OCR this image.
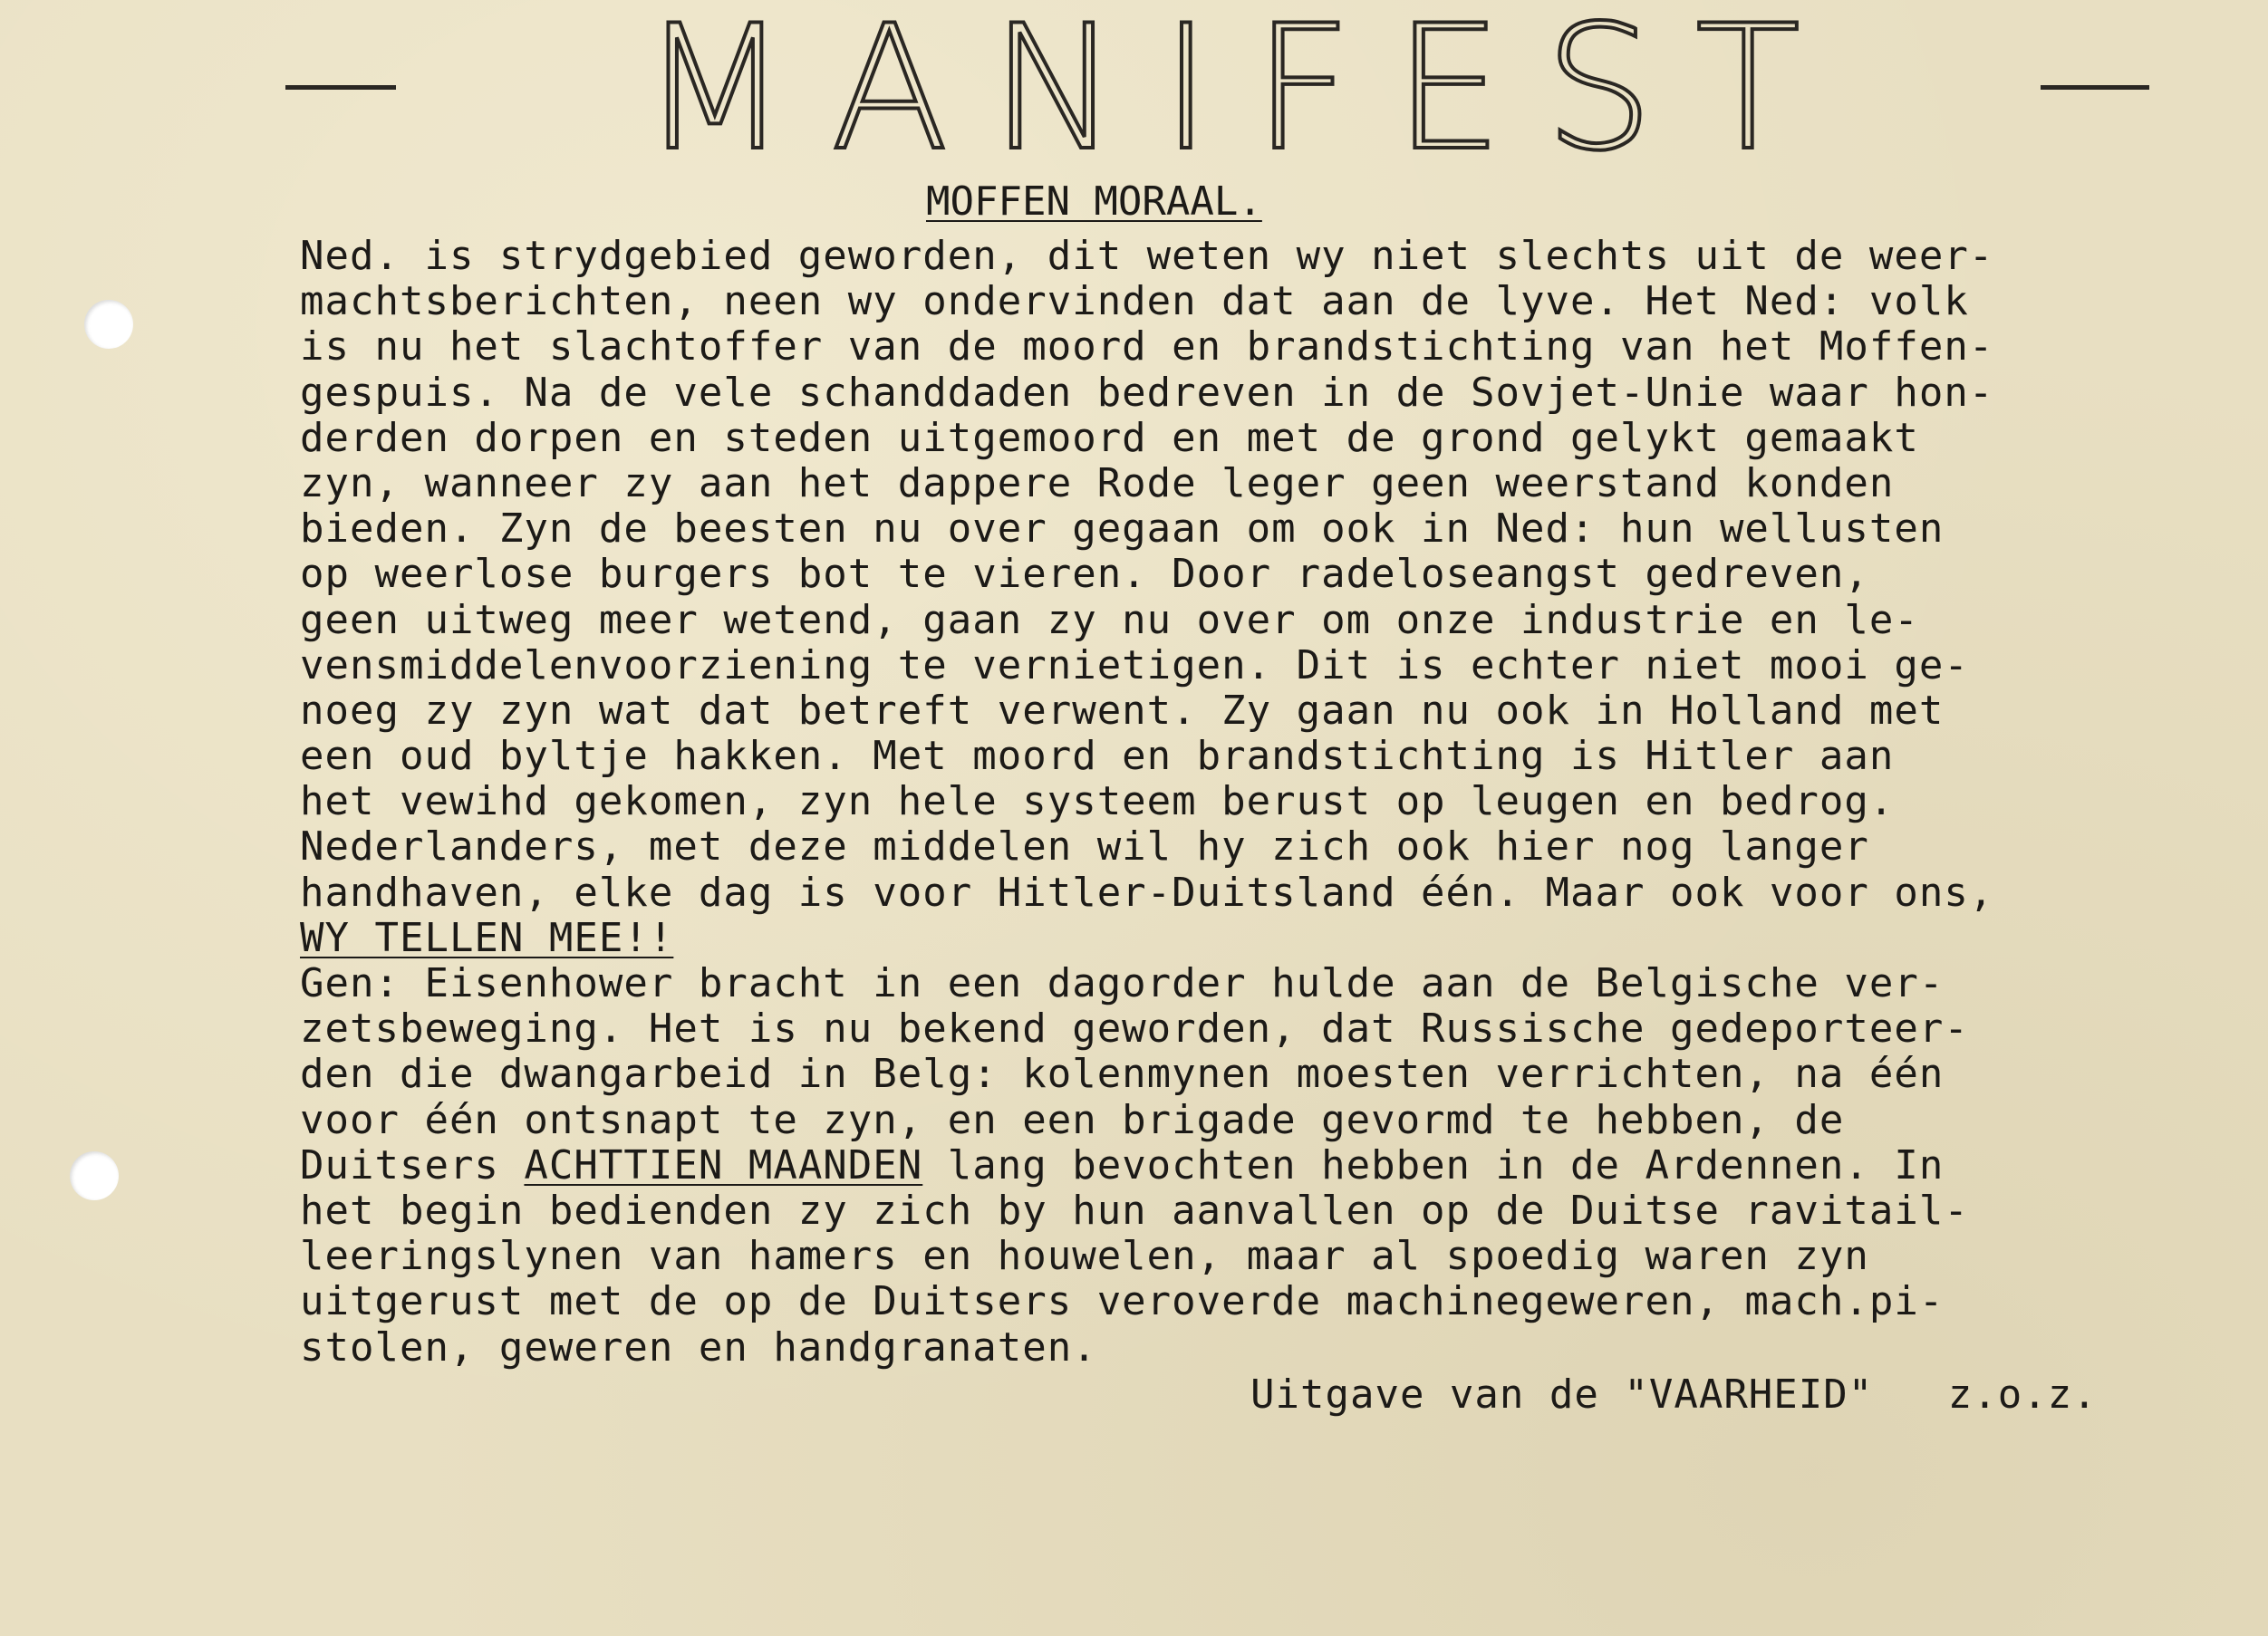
MANIFEST
MOFFEN MORAAL.
Ned. is strydgebied geworden, dit weten wy niet slechts uit de weer-
machtsberichten, neen wy ondervinden dat aan de lyve. Het Ned: volk
is nu het slachtoffer van de moord en brandstichting van het Moffen-
gespuis. Na de vele schanddaden bedreven in de Sovjet-Unie waar hon-
derden dorpen en steden uitgemoord en met de grond gelykt gemaakt
zyn, wanneer zy aan het dappere Rode leger geen weerstand konden
bieden. Zyn de beesten nu over gegaan om ook in Ned: hun wellusten
op weerlose burgers bot te vieren. Door radeloseangst gedreven,
geen uitweg meer wetend, gaan zy nu over om onze industrie en le-
vensmiddelenvoorziening te vernietigen. Dit is echter niet mooi ge-
noeg zy zyn wat dat betreft verwent. Zy gaan nu ook in Holland met
een oud byltje hakken. Met moord en brandstichting is Hitler aan
het vewihd gekomen, zyn hele systeem berust op leugen en bedrog.
Nederlanders, met deze middelen wil hy zich ook hier nog langer
handhaven, elke dag is voor Hitler-Duitsland één. Maar ook voor ons,
WY TELLEN MEE!!
Gen: Eisenhower bracht in een dagorder hulde aan de Belgische ver-
zetsbeweging. Het is nu bekend geworden, dat Russische gedeporteer-
den die dwangarbeid in Belg: kolenmynen moesten verrichten, na één
voor één ontsnapt te zyn, en een brigade gevormd te hebben, de
Duitsers ACHTTIEN MAANDEN lang bevochten hebben in de Ardennen. In
het begin bedienden zy zich by hun aanvallen op de Duitse ravitail-
leeringslynen van hamers en houwelen, maar al spoedig waren zyn
uitgerust met de op de Duitsers veroverde machinegeweren, mach.pi-
stolen, geweren en handgranaten.
Uitgave van de "VAARHEID"   z.o.z.
